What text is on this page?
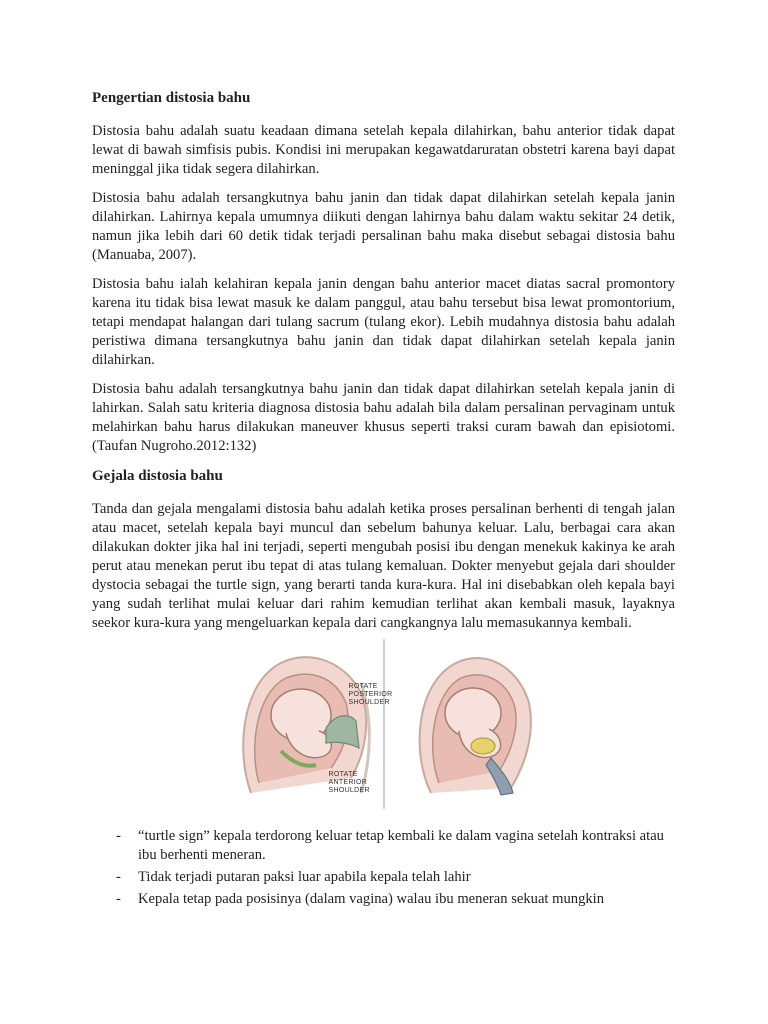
Pengertian distosia bahu

Distosia bahu adalah suatu keadaan dimana setelah kepala dilahirkan, bahu anterior tidak dapat lewat di bawah simfisis pubis. Kondisi ini merupakan kegawatdaruratan obstetri karena bayi dapat meninggal jika tidak segera dilahirkan.

Distosia bahu adalah tersangkutnya bahu janin dan tidak dapat dilahirkan setelah kepala janin dilahirkan. Lahirnya kepala umumnya diikuti dengan lahirnya bahu dalam waktu sekitar 24 detik, namun jika lebih dari 60 detik tidak terjadi persalinan bahu maka disebut sebagai distosia bahu (Manuaba, 2007).

Distosia bahu ialah kelahiran kepala janin dengan bahu anterior macet diatas sacral promontory karena itu tidak bisa lewat masuk ke dalam panggul, atau bahu tersebut bisa lewat promontorium, tetapi mendapat halangan dari tulang sacrum (tulang ekor). Lebih mudahnya distosia bahu adalah peristiwa dimana tersangkutnya bahu janin dan tidak dapat dilahirkan setelah kepala janin dilahirkan.

Distosia bahu adalah tersangkutnya bahu janin dan tidak dapat dilahirkan setelah kepala janin di lahirkan. Salah satu kriteria diagnosa distosia bahu adalah bila dalam persalinan pervaginam untuk melahirkan bahu harus dilakukan maneuver khusus seperti traksi curam bawah dan episiotomi. (Taufan Nugroho.2012:132)

Gejala distosia bahu

Tanda dan gejala mengalami distosia bahu adalah ketika proses persalinan berhenti di tengah jalan atau macet, setelah kepala bayi muncul dan sebelum bahunya keluar. Lalu, berbagai cara akan dilakukan dokter jika hal ini terjadi, seperti mengubah posisi ibu dengan menekuk kakinya ke arah perut atau menekan perut ibu tepat di atas tulang kemaluan. Dokter menyebut gejala dari shoulder dystocia sebagai the turtle sign, yang berarti tanda kura-kura. Hal ini disebabkan oleh kepala bayi yang sudah terlihat mulai keluar dari rahim kemudian terlihat akan kembali masuk, layaknya seekor kura-kura yang mengeluarkan kepala dari cangkangnya lalu memasukannya kembali.

ROTATE
ANTERIOR
SHOULDER
ROTATE
POSTERIOR
SHOULDER
- “turtle sign” kepala terdorong keluar tetap kembali ke dalam vagina setelah kontraksi atau ibu berhenti meneran.
- Tidak terjadi putaran paksi luar apabila kepala telah lahir
- Kepala tetap pada posisinya (dalam vagina) walau ibu meneran sekuat mungkin
